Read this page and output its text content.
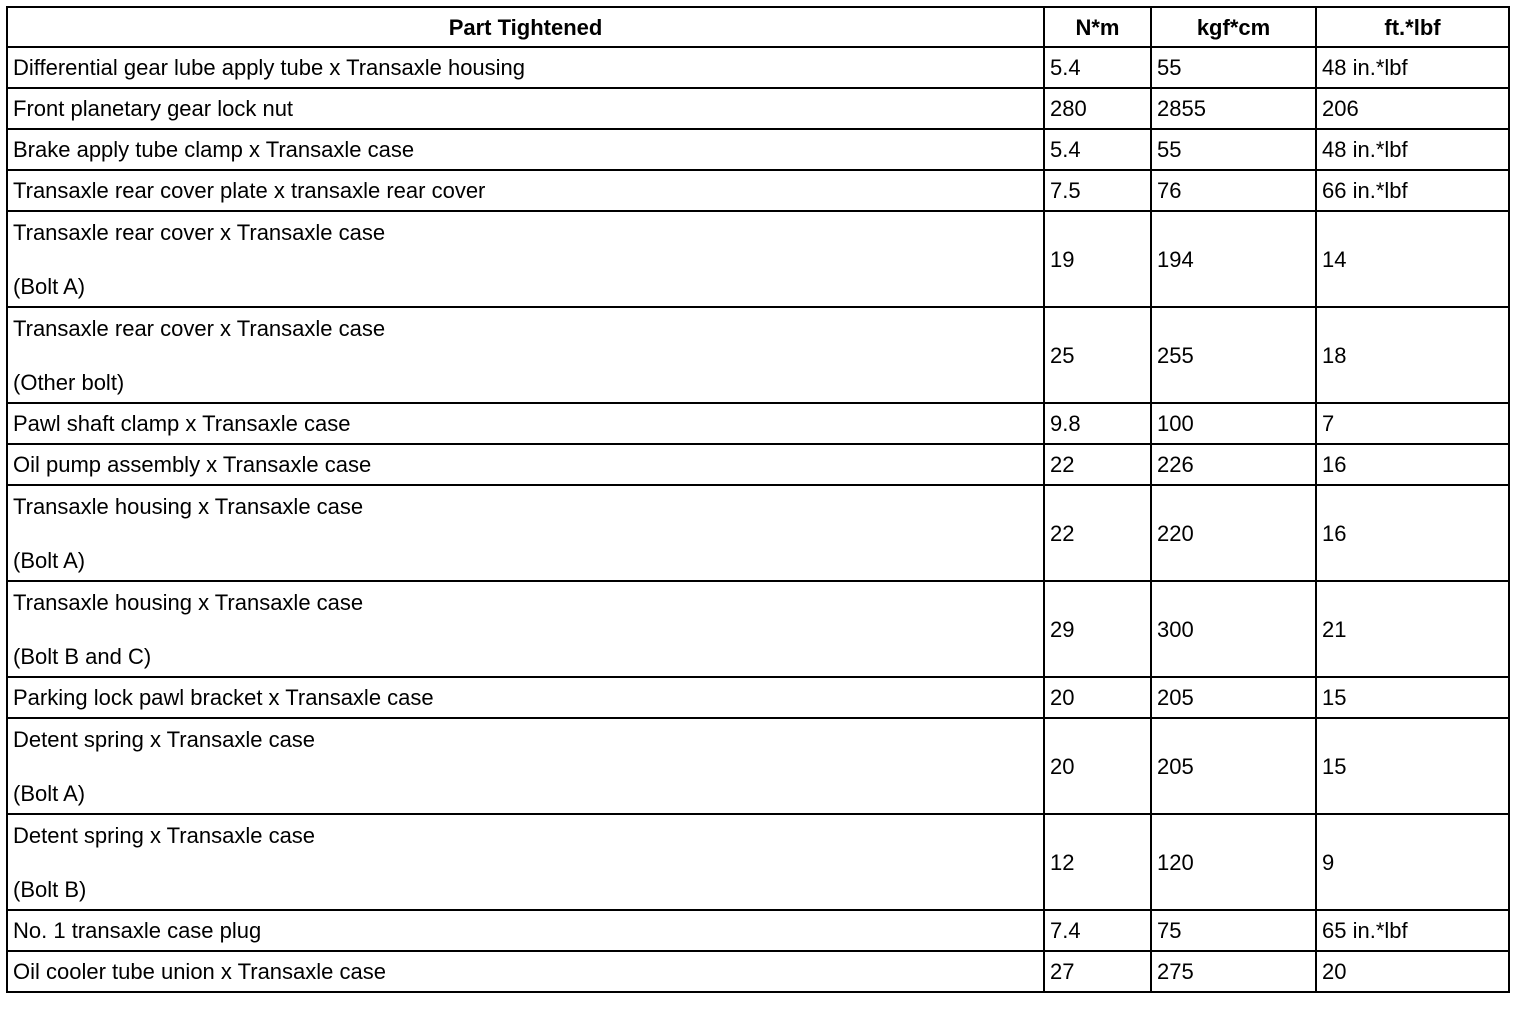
Part Tightened	N*m	kgf*cm	ft.*lbf

Differential gear lube apply tube x Transaxle housing	5.4	55	48 in.*lbf

Front planetary gear lock nut	280	2855	206

Brake apply tube clamp x Transaxle case	5.4	55	48 in.*lbf

Transaxle rear cover plate x transaxle rear cover	7.5	76	66 in.*lbf

Transaxle rear cover x Transaxle case
(Bolt A)	19	194	14

Transaxle rear cover x Transaxle case
(Other bolt)	25	255	18

Pawl shaft clamp x Transaxle case	9.8	100	7

Oil pump assembly x Transaxle case	22	226	16

Transaxle housing x Transaxle case
(Bolt A)	22	220	16

Transaxle housing x Transaxle case
(Bolt B and C)	29	300	21

Parking lock pawl bracket x Transaxle case	20	205	15

Detent spring x Transaxle case
(Bolt A)	20	205	15

Detent spring x Transaxle case
(Bolt B)	12	120	9

No. 1 transaxle case plug	7.4	75	65 in.*lbf

Oil cooler tube union x Transaxle case	27	275	20
